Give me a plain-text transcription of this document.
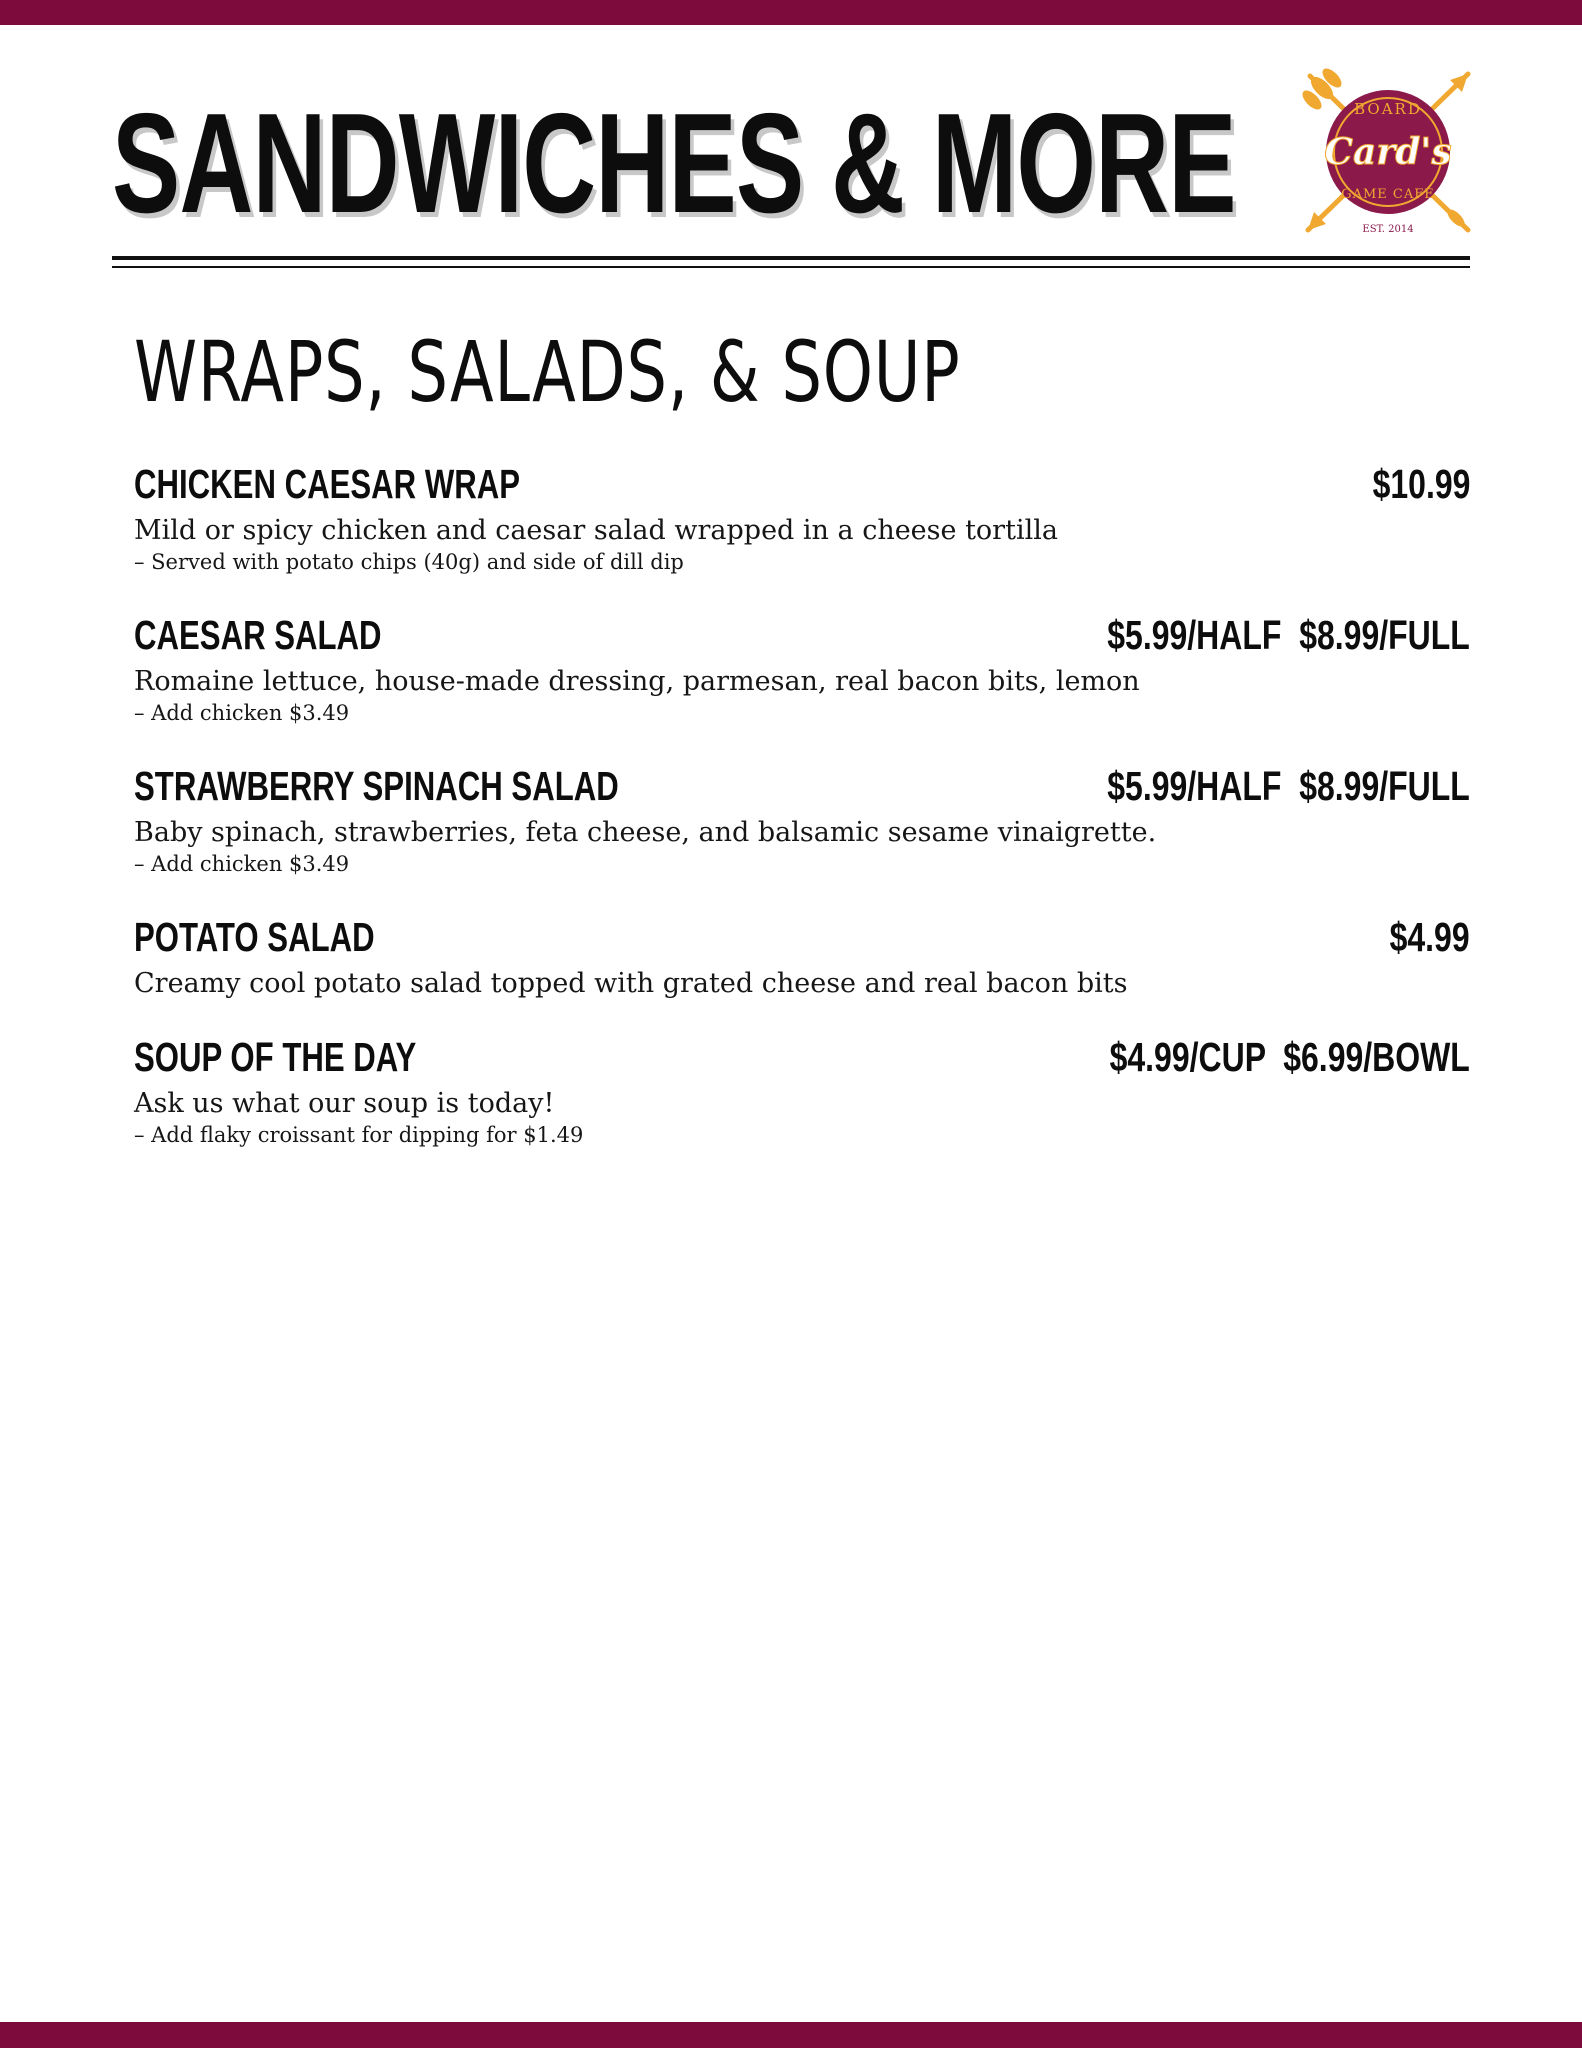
SANDWICHES & MORE	BOARD
Card's
GAME CAFÉ
EST. 2014
WRAPS, SALADS, & SOUP
CHICKEN CAESAR WRAP	$10.99
Mild or spicy chicken and caesar salad wrapped in a cheese tortilla
– Served with potato chips (40g) and side of dill dip
CAESAR SALAD	$5.99/HALF  $8.99/FULL
Romaine lettuce, house-made dressing, parmesan, real bacon bits, lemon
– Add chicken $3.49
STRAWBERRY SPINACH SALAD	$5.99/HALF  $8.99/FULL
Baby spinach, strawberries, feta cheese, and balsamic sesame vinaigrette.
– Add chicken $3.49
POTATO SALAD	$4.99
Creamy cool potato salad topped with grated cheese and real bacon bits
SOUP OF THE DAY	$4.99/CUP  $6.99/BOWL
Ask us what our soup is today!
– Add flaky croissant for dipping for $1.49
